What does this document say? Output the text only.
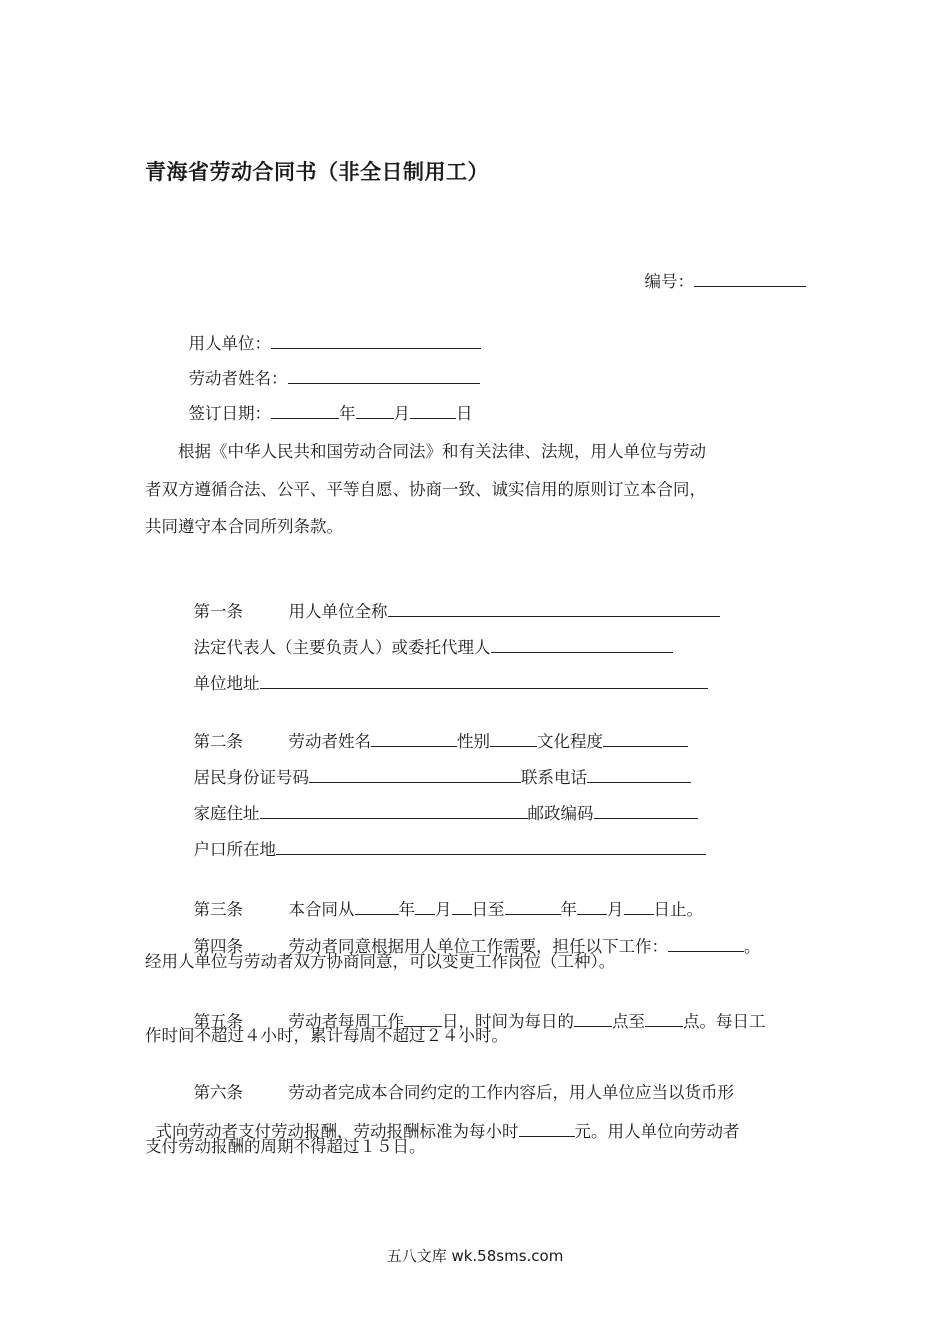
青海省劳动合同书（非全日制用工）

编号：

用人单位：

劳动者姓名：

签订日期：	年 月	日

根据《中华人民共和国劳动合同法》和有关法律、法规，用人单位与劳动
者双方遵循合法、公平、平等自愿、协商一致、诚实信用的原则订立本合同，
共同遵守本合同所列条款。

第一条	用人单位全称

法定代表人（主要负责人）或委托代理人

单位地址

第二条	劳动者姓名	性别	文化程度

居民身份证号码	联系电话

家庭住址	邮政编码

户口所在地

第三条	本合同从	年 月 日至	年 月 日止。

第四条	劳动者同意根据用人单位工作需要，担任以下工作：	。

经用人单位与劳动者双方协商同意，可以变更工作岗位（工种）。

第五条	劳动者每周工作 日，时间为每日的 点至 点。每日工

作时间不超过４小时，累计每周不超过２４小时。

第六条	劳动者完成本合同约定的工作内容后，用人单位应当以货币形

式向劳动者支付劳动报酬，劳动报酬标准为每小时	元。用人单位向劳动者

支付劳动报酬的周期不得超过１５日。
五八文库 wk.58sms.com
